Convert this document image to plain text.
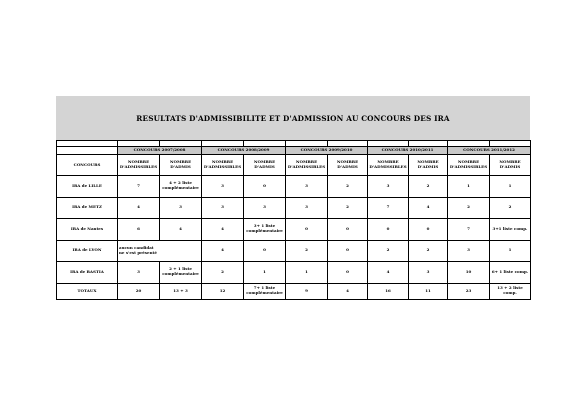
RESULTATS D'ADMISSIBILITE ET D'ADMISSION AU CONCOURS DES IRA

	CONCOURS 2007/2008		CONCOURS 2008/2009		CONCOURS 2009/2010		CONCOURS 2010/2011		CONCOURS 2011/2012	
CONCOURS	NOMBRE D'ADMISSIBLES	NOMBRE D'ADMIS	NOMBRE D'ADMISSIBLES	NOMBRE D'ADMIS	NOMBRE D'ADMISSIBLES	NOMBRE D'ADMIS	NOMBRE D'ADMISSIBLES	NOMBRE D'ADMIS	NOMBRE D'ADMISSIBLES	NOMBRE D'ADMIS
IRA de LILLE	7	4 + 2 liste complémentaire	3	0	3	2	3	2	1	1
IRA de METZ	4	3	3	3	3	2	7	4	2	2
IRA de Nantes	6	4	4	3+ 1 liste complémentaire	0	0	0	0	7	3+1 liste comp.
IRA de LYON	aucun candidat ne s'est présenté		4	0	2	0	2	2	3	1
IRA de BASTIA	3	2 + 1 liste complémentaire	2	1	1	0	4	3	10	6+ 1 liste comp.
TOTAUX	20	13 + 3	12	7+ 1 liste complémentaire	9	4	16	11	23	13 + 2 liste comp.
